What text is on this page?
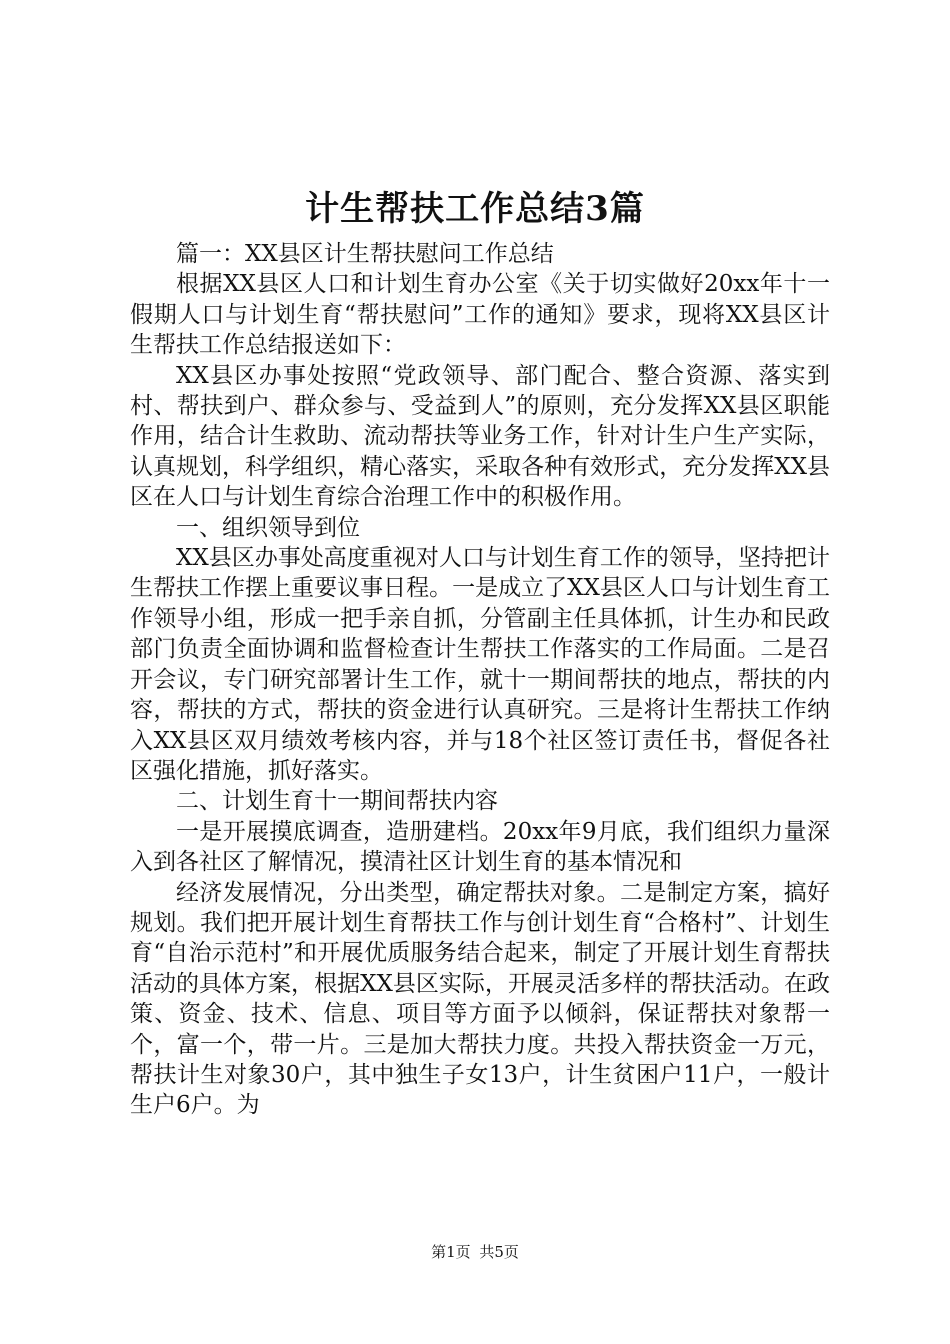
计生帮扶工作总结3篇

篇一：XX县区计生帮扶慰问工作总结

根据XX县区人口和计划生育办公室《关于切实做好20xx年十一假期人口与计划生育“帮扶慰问”工作的通知》要求，现将XX县区计生帮扶工作总结报送如下：

XX县区办事处按照“党政领导、部门配合、整合资源、落实到村、帮扶到户、群众参与、受益到人”的原则，充分发挥XX县区职能作用，结合计生救助、流动帮扶等业务工作，针对计生户生产实际，认真规划，科学组织，精心落实，采取各种有效形式，充分发挥XX县区在人口与计划生育综合治理工作中的积极作用。

一、组织领导到位

XX县区办事处高度重视对人口与计划生育工作的领导，坚持把计生帮扶工作摆上重要议事日程。一是成立了XX县区人口与计划生育工作领导小组，形成一把手亲自抓，分管副主任具体抓，计生办和民政部门负责全面协调和监督检查计生帮扶工作落实的工作局面。二是召开会议，专门研究部署计生工作，就十一期间帮扶的地点，帮扶的内容，帮扶的方式，帮扶的资金进行认真研究。三是将计生帮扶工作纳入XX县区双月绩效考核内容，并与18个社区签订责任书，督促各社区强化措施，抓好落实。

二、计划生育十一期间帮扶内容

一是开展摸底调查，造册建档。20xx年9月底，我们组织力量深入到各社区了解情况，摸清社区计划生育的基本情况和

经济发展情况，分出类型，确定帮扶对象。二是制定方案，搞好规划。我们把开展计划生育帮扶工作与创计划生育“合格村”、计划生育“自治示范村”和开展优质服务结合起来，制定了开展计划生育帮扶活动的具体方案，根据XX县区实际，开展灵活多样的帮扶活动。在政策、资金、技术、信息、项目等方面予以倾斜，保证帮扶对象帮一个，富一个，带一片。三是加大帮扶力度。共投入帮扶资金一万元，帮扶计生对象30户，其中独生子女13户，计生贫困户11户，一般计生户6户。为

第1页 共5页
